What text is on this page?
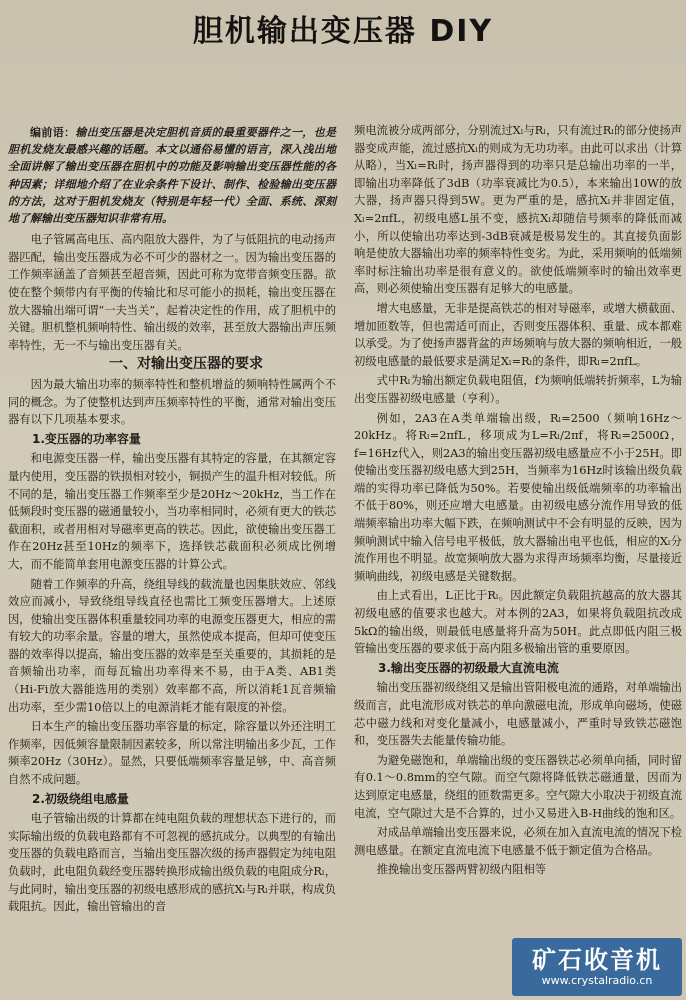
胆机输出变压器 DIY

编前语：输出变压器是决定胆机音质的最重要器件之一，也是胆机发烧友最感兴趣的话题。本文以通俗易懂的语言，深入浅出地全面讲解了输出变压器在胆机中的功能及影响输出变压器性能的各种因素；详细地介绍了在业余条件下设计、制作、检验输出变压器的方法，这对于胆机发烧友（特别是年轻一代）全面、系统、深刻地了解输出变压器知识非常有用。

电子管属高电压、高内阻放大器件，为了与低阻抗的电动扬声器匹配，输出变压器成为必不可少的器材之一。因为输出变压器的工作频率涵盖了音频甚至超音频，因此可称为宽带音频变压器。欲使在整个频带内有平衡的传输比和尽可能小的损耗，输出变压器在放大器输出端可谓“一夫当关”，起着决定性的作用，成了胆机中的关键。胆机整机频响特性、输出级的效率，甚至放大器输出声压频率特性，无一不与输出变压器有关。

一、对输出变压器的要求

因为最大输出功率的频率特性和整机增益的频响特性属两个不同的概念。为了使整机达到声压频率特性的平衡，通常对输出变压器有以下几项基本要求。

1.变压器的功率容量

和电源变压器一样，输出变压器有其特定的容量，在其额定容量内使用，变压器的铁损相对较小，铜损产生的温升相对较低。所不同的是，输出变压器工作频率至少是20Hz～20kHz，当工作在低频段时变压器的磁通量较小，当功率相同时，必须有更大的铁芯截面积，或者用相对导磁率更高的铁芯。因此，欲使输出变压器工作在20Hz甚至10Hz的频率下，选择铁芯截面积必须成比例增大，而不能简单套用电源变压器的计算公式。

随着工作频率的升高，绕组导线的载流量也因集肤效应、邻线效应而减小，导致绕组导线直径也需比工频变压器增大。上述原因，使输出变压器体积重量较同功率的电源变压器更大，相应的需有较大的功率余量。容量的增大，虽然使成本提高，但却可使变压器的效率得以提高，输出变压器的效率是至关重要的，其损耗的是音频输出功率，而每瓦输出功率得来不易，由于A类、AB1类（Hi-Fi放大器能选用的类别）效率都不高，所以消耗1瓦音频输出功率，至少需10倍以上的电源消耗才能有限度的补偿。

日本生产的输出变压器功率容量的标定，除容量以外还注明工作频率，因低频容量限制因素较多，所以常注明输出多少瓦，工作频率20Hz（30Hz）。显然，只要低端频率容量足够，中、高音频自然不成问题。

2.初级绕组电感量

电子管输出级的计算都在纯电阻负载的理想状态下进行的，而实际输出级的负载电路都有不可忽视的感抗成分。以典型的有输出变压器的负载电路而言，当输出变压器次级的扬声器假定为纯电阻负载时，此电阻负载经变压器转换形成输出级负载的电阻成分Rₗ，与此同时，输出变压器的初级电感形成的感抗Xₗ与Rₗ并联，构成负载阻抗。因此，输出管输出的音

频电流被分成两部分，分别流过Xₗ与Rₗ，只有流过Rₗ的部分使扬声器变成声能，流过感抗Xₗ的则成为无功功率。由此可以求出（计算从略），当Xₗ=Rₗ时，扬声器得到的功率只是总输出功率的一半，即输出功率降低了3dB（功率衰减比为0.5），本来输出10W的放大器，扬声器只得到5W。更为严重的是，感抗Xₗ并非固定值，Xₗ=2πfL，初级电感L虽不变，感抗Xₗ却随信号频率的降低而减小，所以使输出功率达到-3dB衰减是极易发生的。其直接负面影响是使放大器输出功率的频率特性变劣。为此，采用频响的低端频率时标注输出功率是很有意义的。欲使低端频率时的输出效率更高，则必须使输出变压器有足够大的电感量。

增大电感量，无非是提高铁芯的相对导磁率，或增大横截面、增加匝数等，但也需适可而止，否则变压器体积、重量、成本都难以承受。为了使扬声器背盆的声场频响与放大器的频响相近，一般初级电感量的最低要求是满足Xₗ=Rₗ的条件，即Rₗ=2πfL。

式中Rₗ为输出额定负载电阻值，f为频响低端转折频率，L为输出变压器初级电感量（亨利）。

例如，2A3在A类单端输出级，Rₗ=2500（频响16Hz～20kHz。将Rₗ=2πfL，移项成为L=Rₗ/2πf，将Rₗ=2500Ω，f=16Hz代入，则2A3的输出变压器初级电感量应不小于25H。即使输出变压器初级电感大到25H，当频率为16Hz时该输出级负载端的实得功率已降低为50%。若要使输出级低端频率的功率输出不低于80%，则还应增大电感量。由初级电感分流作用导致的低端频率输出功率大幅下跌，在频响测试中不会有明显的反映，因为频响测试中输入信号电平极低，放大器输出电平也低，相应的Xₗ分流作用也不明显。故宽频响放大器为求得声场频率均衡，尽量接近频响曲线，初级电感是关键数据。

由上式看出，L正比于Rₗ。因此额定负载阻抗越高的放大器其初级电感的值要求也越大。对本例的2A3，如果将负载阻抗改成5kΩ的输出级，则最低电感量将升高为50H。此点即低内阻三极管输出变压器的要求低于高内阻多极输出管的重要原因。

3.输出变压器的初级最大直流电流

输出变压器初级绕组又是输出管阳极电流的通路，对单端输出级而言，此电流形成对铁芯的单向激磁电流，形成单向磁场，使磁芯中磁力线和对变化量减小，电感量减小，严重时导致铁芯磁饱和，变压器失去能量传输功能。

为避免磁饱和，单端输出级的变压器铁芯必须单向插，同时留有0.1～0.8mm的空气隙。而空气隙将降低铁芯磁通量，因而为达到原定电感量，绕组的匝数需更多。空气隙大小取决于初级直流电流，空气隙过大是不合算的，过小又易进入B-H曲线的饱和区。

对成品单端输出变压器来说，必须在加入直流电流的情况下检测电感量。在额定直流电流下电感量不低于额定值为合格品。

推挽输出变压器两臂初级内阻相等

矿石收音机
www.crystalradio.cn
